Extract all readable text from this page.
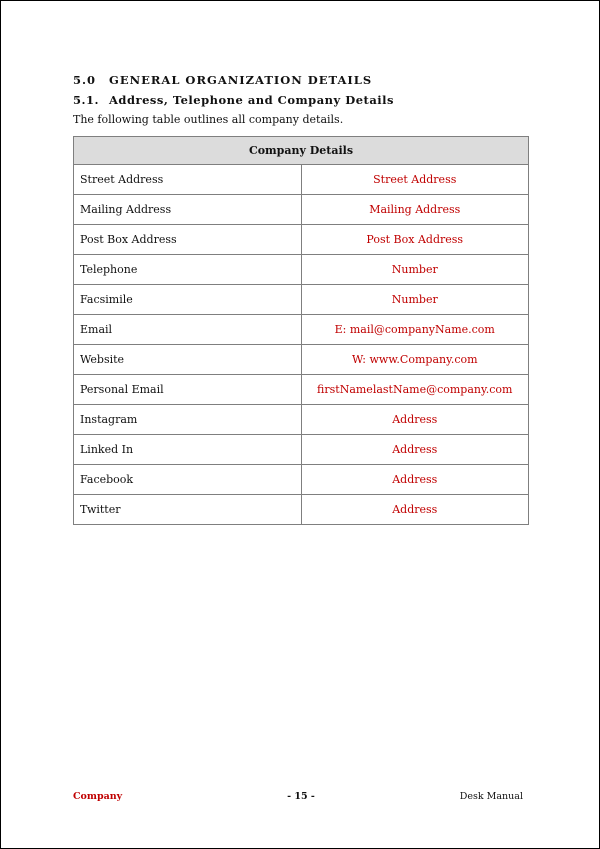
5.0 GENERAL ORGANIZATION DETAILS
5.1. Address, Telephone and Company Details
The following table outlines all company details.
Company Details	
Street Address	Street Address
Mailing Address	Mailing Address
Post Box Address	Post Box Address
Telephone	Number
Facsimile	Number
Email	E: mail@companyName.com
Website	W: www.Company.com
Personal Email	firstNamelastName@company.com
Instagram	Address
Linked In	Address
Facebook	Address
Twitter	Address
Company	- 15 -	Desk Manual
